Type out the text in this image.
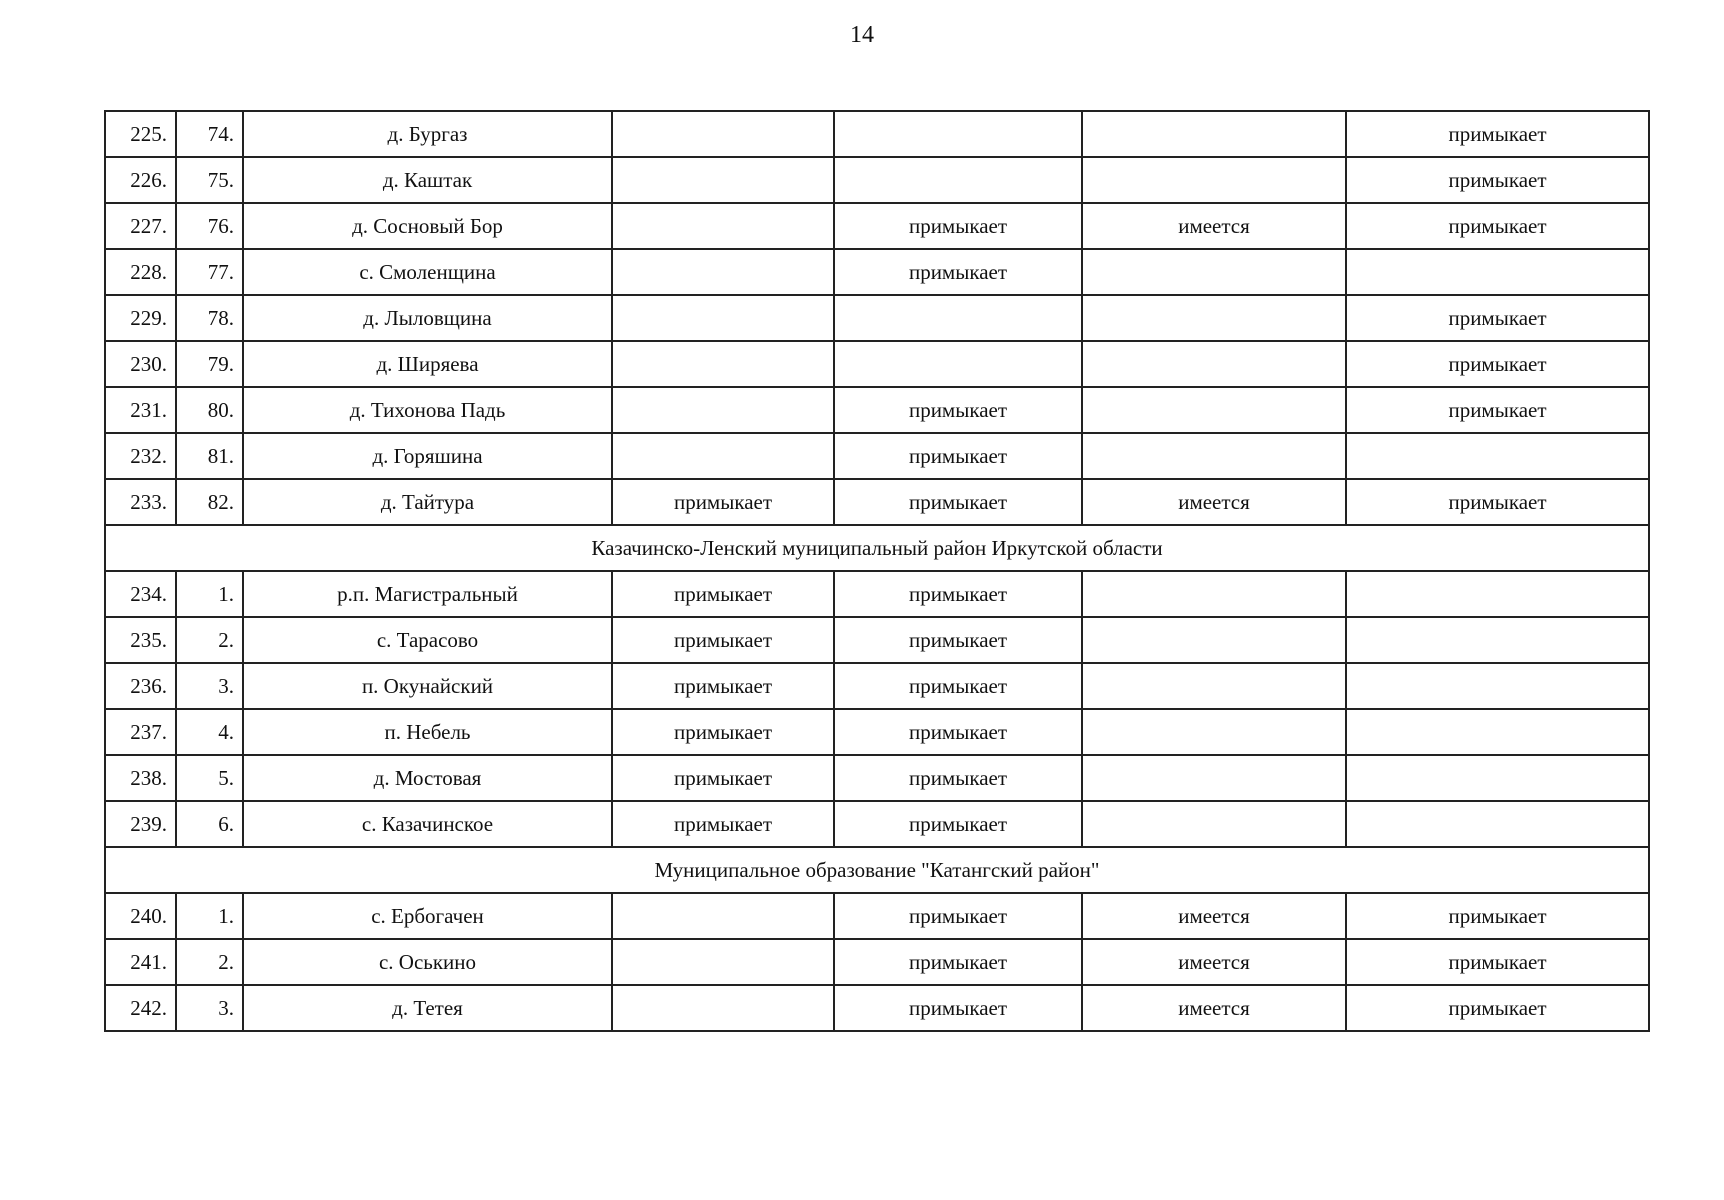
14
225.	74.	д. Бургаз				примыкает
226.	75.	д. Каштак				примыкает
227.	76.	д. Сосновый Бор		примыкает	имеется	примыкает
228.	77.	с. Смоленщина		примыкает		
229.	78.	д. Лыловщина				примыкает
230.	79.	д. Ширяева				примыкает
231.	80.	д. Тихонова Падь		примыкает		примыкает
232.	81.	д. Горяшина		примыкает		
233.	82.	д. Тайтура	примыкает	примыкает	имеется	примыкает
Казачинско-Ленский муниципальный район Иркутской области						
234.	1.	р.п. Магистральный	примыкает	примыкает		
235.	2.	с. Тарасово	примыкает	примыкает		
236.	3.	п. Окунайский	примыкает	примыкает		
237.	4.	п. Небель	примыкает	примыкает		
238.	5.	д. Мостовая	примыкает	примыкает		
239.	6.	с. Казачинское	примыкает	примыкает		
Муниципальное образование "Катангский район"						
240.	1.	с. Ербогачен		примыкает	имеется	примыкает
241.	2.	с. Оськино		примыкает	имеется	примыкает
242.	3.	д. Тетея		примыкает	имеется	примыкает
